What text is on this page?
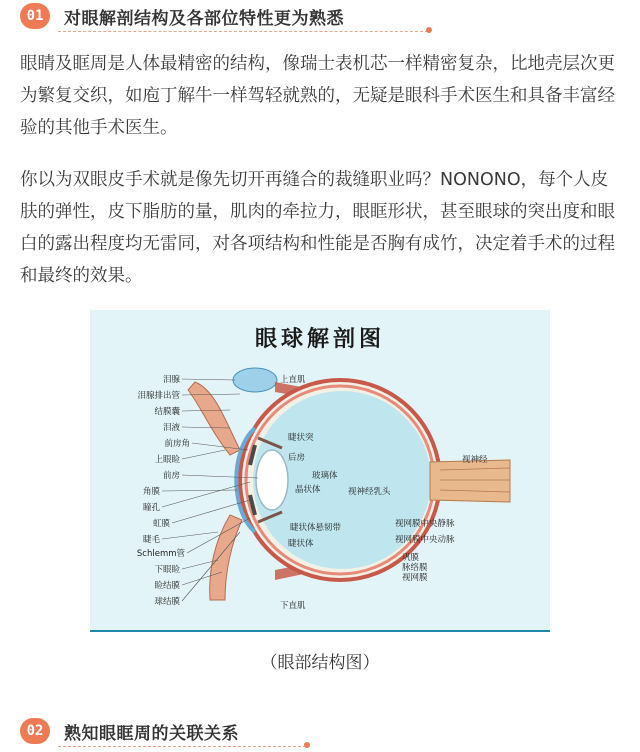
01	对眼解剖结构及各部位特性更为熟悉
眼睛及眶周是人体最精密的结构，像瑞士表机芯一样精密复杂，比地壳层次更为繁复交织，如庖丁解牛一样驾轻就熟的，无疑是眼科手术医生和具备丰富经验的其他手术医生。
你以为双眼皮手术就是像先切开再缝合的裁缝职业吗？NONONO，每个人皮肤的弹性，皮下脂肪的量，肌肉的牵拉力，眼眶形状，甚至眼球的突出度和眼白的露出程度均无雷同，对各项结构和性能是否胸有成竹，决定着手术的过程和最终的效果。
眼球解剖图
泪腺
泪腺排出管
结膜囊
泪液
前房角
上眼睑
前房
角膜
瞳孔
虹膜
睫毛
Schlemm管
下眼睑
睑结膜
球结膜
上直肌
睫状突
后房
玻璃体
晶状体	视神经乳头
睫状体悬韧带
睫状体
视神经
视网膜中央静脉
视网膜中央动脉
巩膜
脉络膜
视网膜
下直肌
（眼部结构图）
02	熟知眼眶周的关联关系
